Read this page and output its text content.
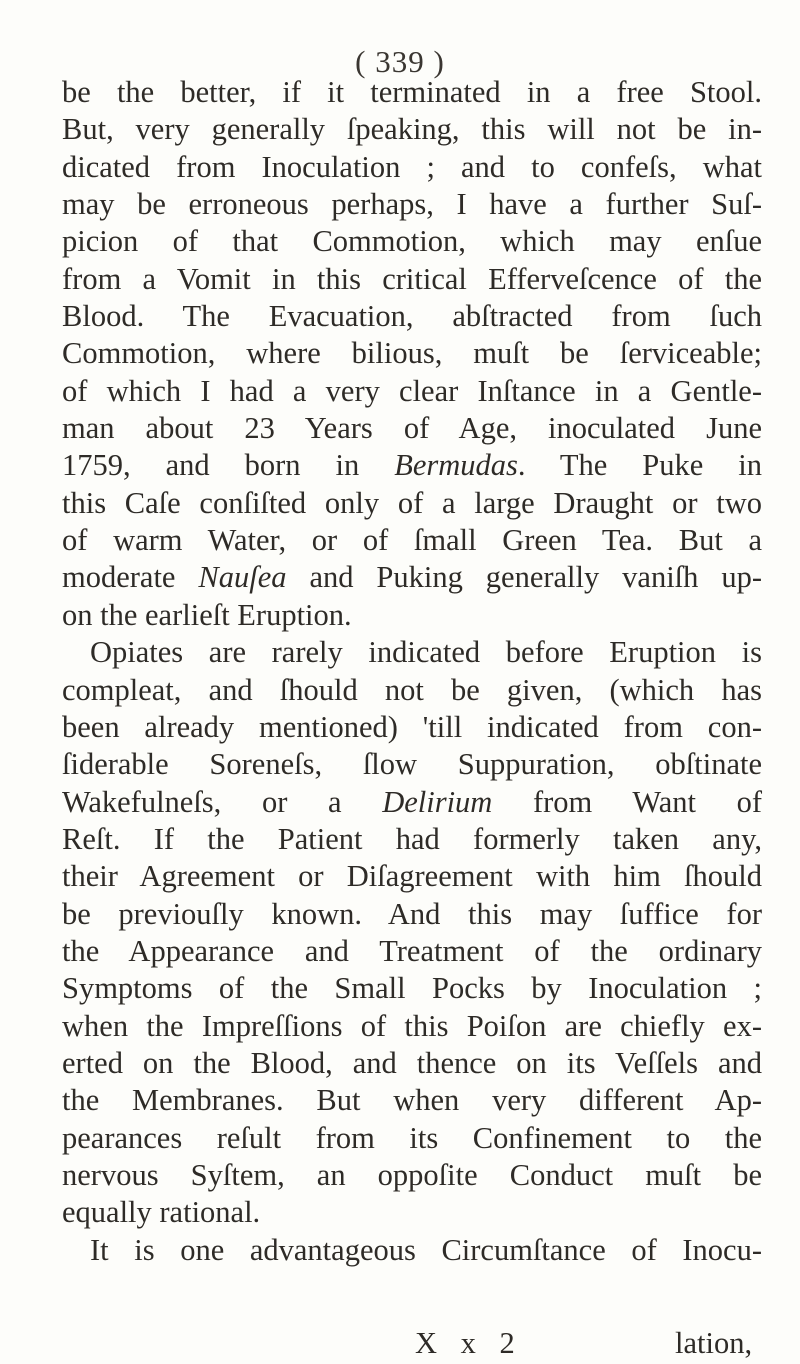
( 339 )
be the better, if it terminated in a free Stool.
But, very generally ſpeaking, this will not be in-
dicated from Inoculation ; and to confeſs, what
may be erroneous perhaps, I have a further Suſ-
picion of that Commotion, which may enſue
from a Vomit in this critical Efferveſcence of the
Blood. The Evacuation, abſtracted from ſuch
Commotion, where bilious, muſt be ſerviceable;
of which I had a very clear Inſtance in a Gentle-
man about 23 Years of Age, inoculated June
1759, and born in Bermudas. The Puke in
this Caſe conſiſted only of a large Draught or two
of warm Water, or of ſmall Green Tea. But a
moderate Nauſea and Puking generally vaniſh up-
on the earlieſt Eruption.
Opiates are rarely indicated before Eruption is
compleat, and ſhould not be given, (which has
been already mentioned) 'till indicated from con-
ſiderable Soreneſs, ſlow Suppuration, obſtinate
Wakefulneſs, or a Delirium from Want of
Reſt. If the Patient had formerly taken any,
their Agreement or Diſagreement with him ſhould
be previouſly known. And this may ſuffice for
the Appearance and Treatment of the ordinary
Symptoms of the Small Pocks by Inoculation ;
when the Impreſſions of this Poiſon are chiefly ex-
erted on the Blood, and thence on its Veſſels and
the Membranes. But when very different Ap-
pearances reſult from its Confinement to the
nervous Syſtem, an oppoſite Conduct muſt be
equally rational.
It is one advantageous Circumſtance of Inocu-
X x 2	lation,
